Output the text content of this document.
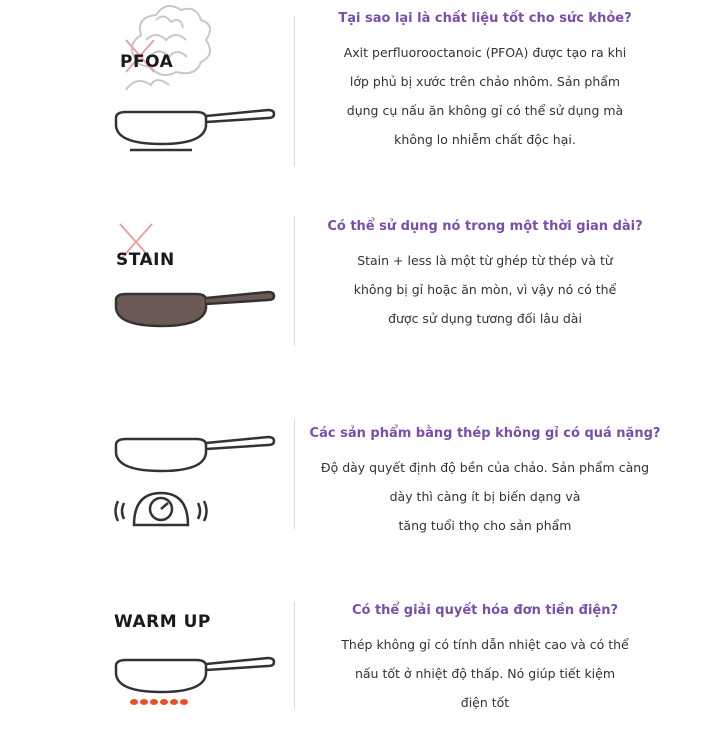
PFOA

Tại sao lại là chất liệu tốt cho sức khỏe?

Axit perfluorooctanoic (PFOA) được tạo ra khi

lớp phủ bị xước trên chảo nhôm. Sản phẩm

dụng cụ nấu ăn không gỉ có thể sử dụng mà

không lo nhiễm chất độc hại.

STAIN

Có thể sử dụng nó trong một thời gian dài?

Stain + less là một từ ghép từ thép và từ

không bị gỉ hoặc ăn mòn, vì vậy nó có thể

được sử dụng tương đối lâu dài

Các sản phẩm bằng thép không gỉ có quá nặng?

Độ dày quyết định độ bền của chảo. Sản phẩm càng

dày thì càng ít bị biến dạng và

tăng tuổi thọ cho sản phẩm

WARM UP

Có thể giải quyết hóa đơn tiền điện?

Thép không gỉ có tính dẫn nhiệt cao và có thể

nấu tốt ở nhiệt độ thấp. Nó giúp tiết kiệm

điện tốt
